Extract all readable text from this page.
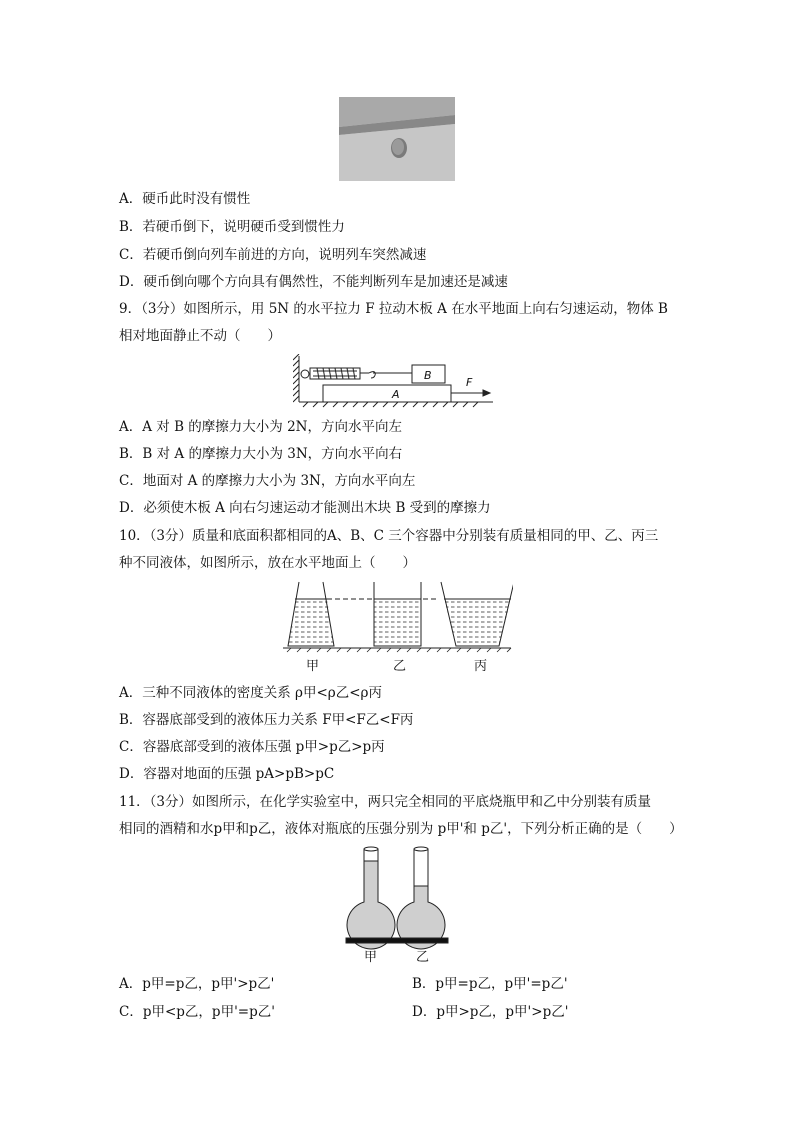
A．硬币此时没有惯性
B．若硬币倒下，说明硬币受到惯性力
C．若硬币倒向列车前进的方向，说明列车突然减速
D．硬币倒向哪个方向具有偶然性，不能判断列车是加速还是减速
9．（3分）如图所示，用 5N 的水平拉力 F 拉动木板 A 在水平地面上向右匀速运动，物体 B
相对地面静止不动（　　）
B
A
F
A．A 对 B 的摩擦力大小为 2N，方向水平向左
B．B 对 A 的摩擦力大小为 3N，方向水平向右
C．地面对 A 的摩擦力大小为 3N，方向水平向左
D．必须使木板 A 向右匀速运动才能测出木块 B 受到的摩擦力
10．（3分）质量和底面积都相同的A、B、C 三个容器中分别装有质量相同的甲、乙、丙三
种不同液体，如图所示，放在水平地面上（　　）
甲	乙	丙
A．三种不同液体的密度关系 ρ甲<ρ乙<ρ丙
B．容器底部受到的液体压力关系 F甲<F乙<F丙
C．容器底部受到的液体压强 p甲>p乙>p丙
D．容器对地面的压强 pA>pB>pC
11．（3分）如图所示，在化学实验室中，两只完全相同的平底烧瓶甲和乙中分别装有质量
相同的酒精和水p甲和p乙，液体对瓶底的压强分别为 p甲'和 p乙'，下列分析正确的是（　　）
甲	乙
A．p甲=p乙，p甲'>p乙'	B．p甲=p乙，p甲'=p乙'
C．p甲<p乙，p甲'=p乙'	D．p甲>p乙，p甲'>p乙'
